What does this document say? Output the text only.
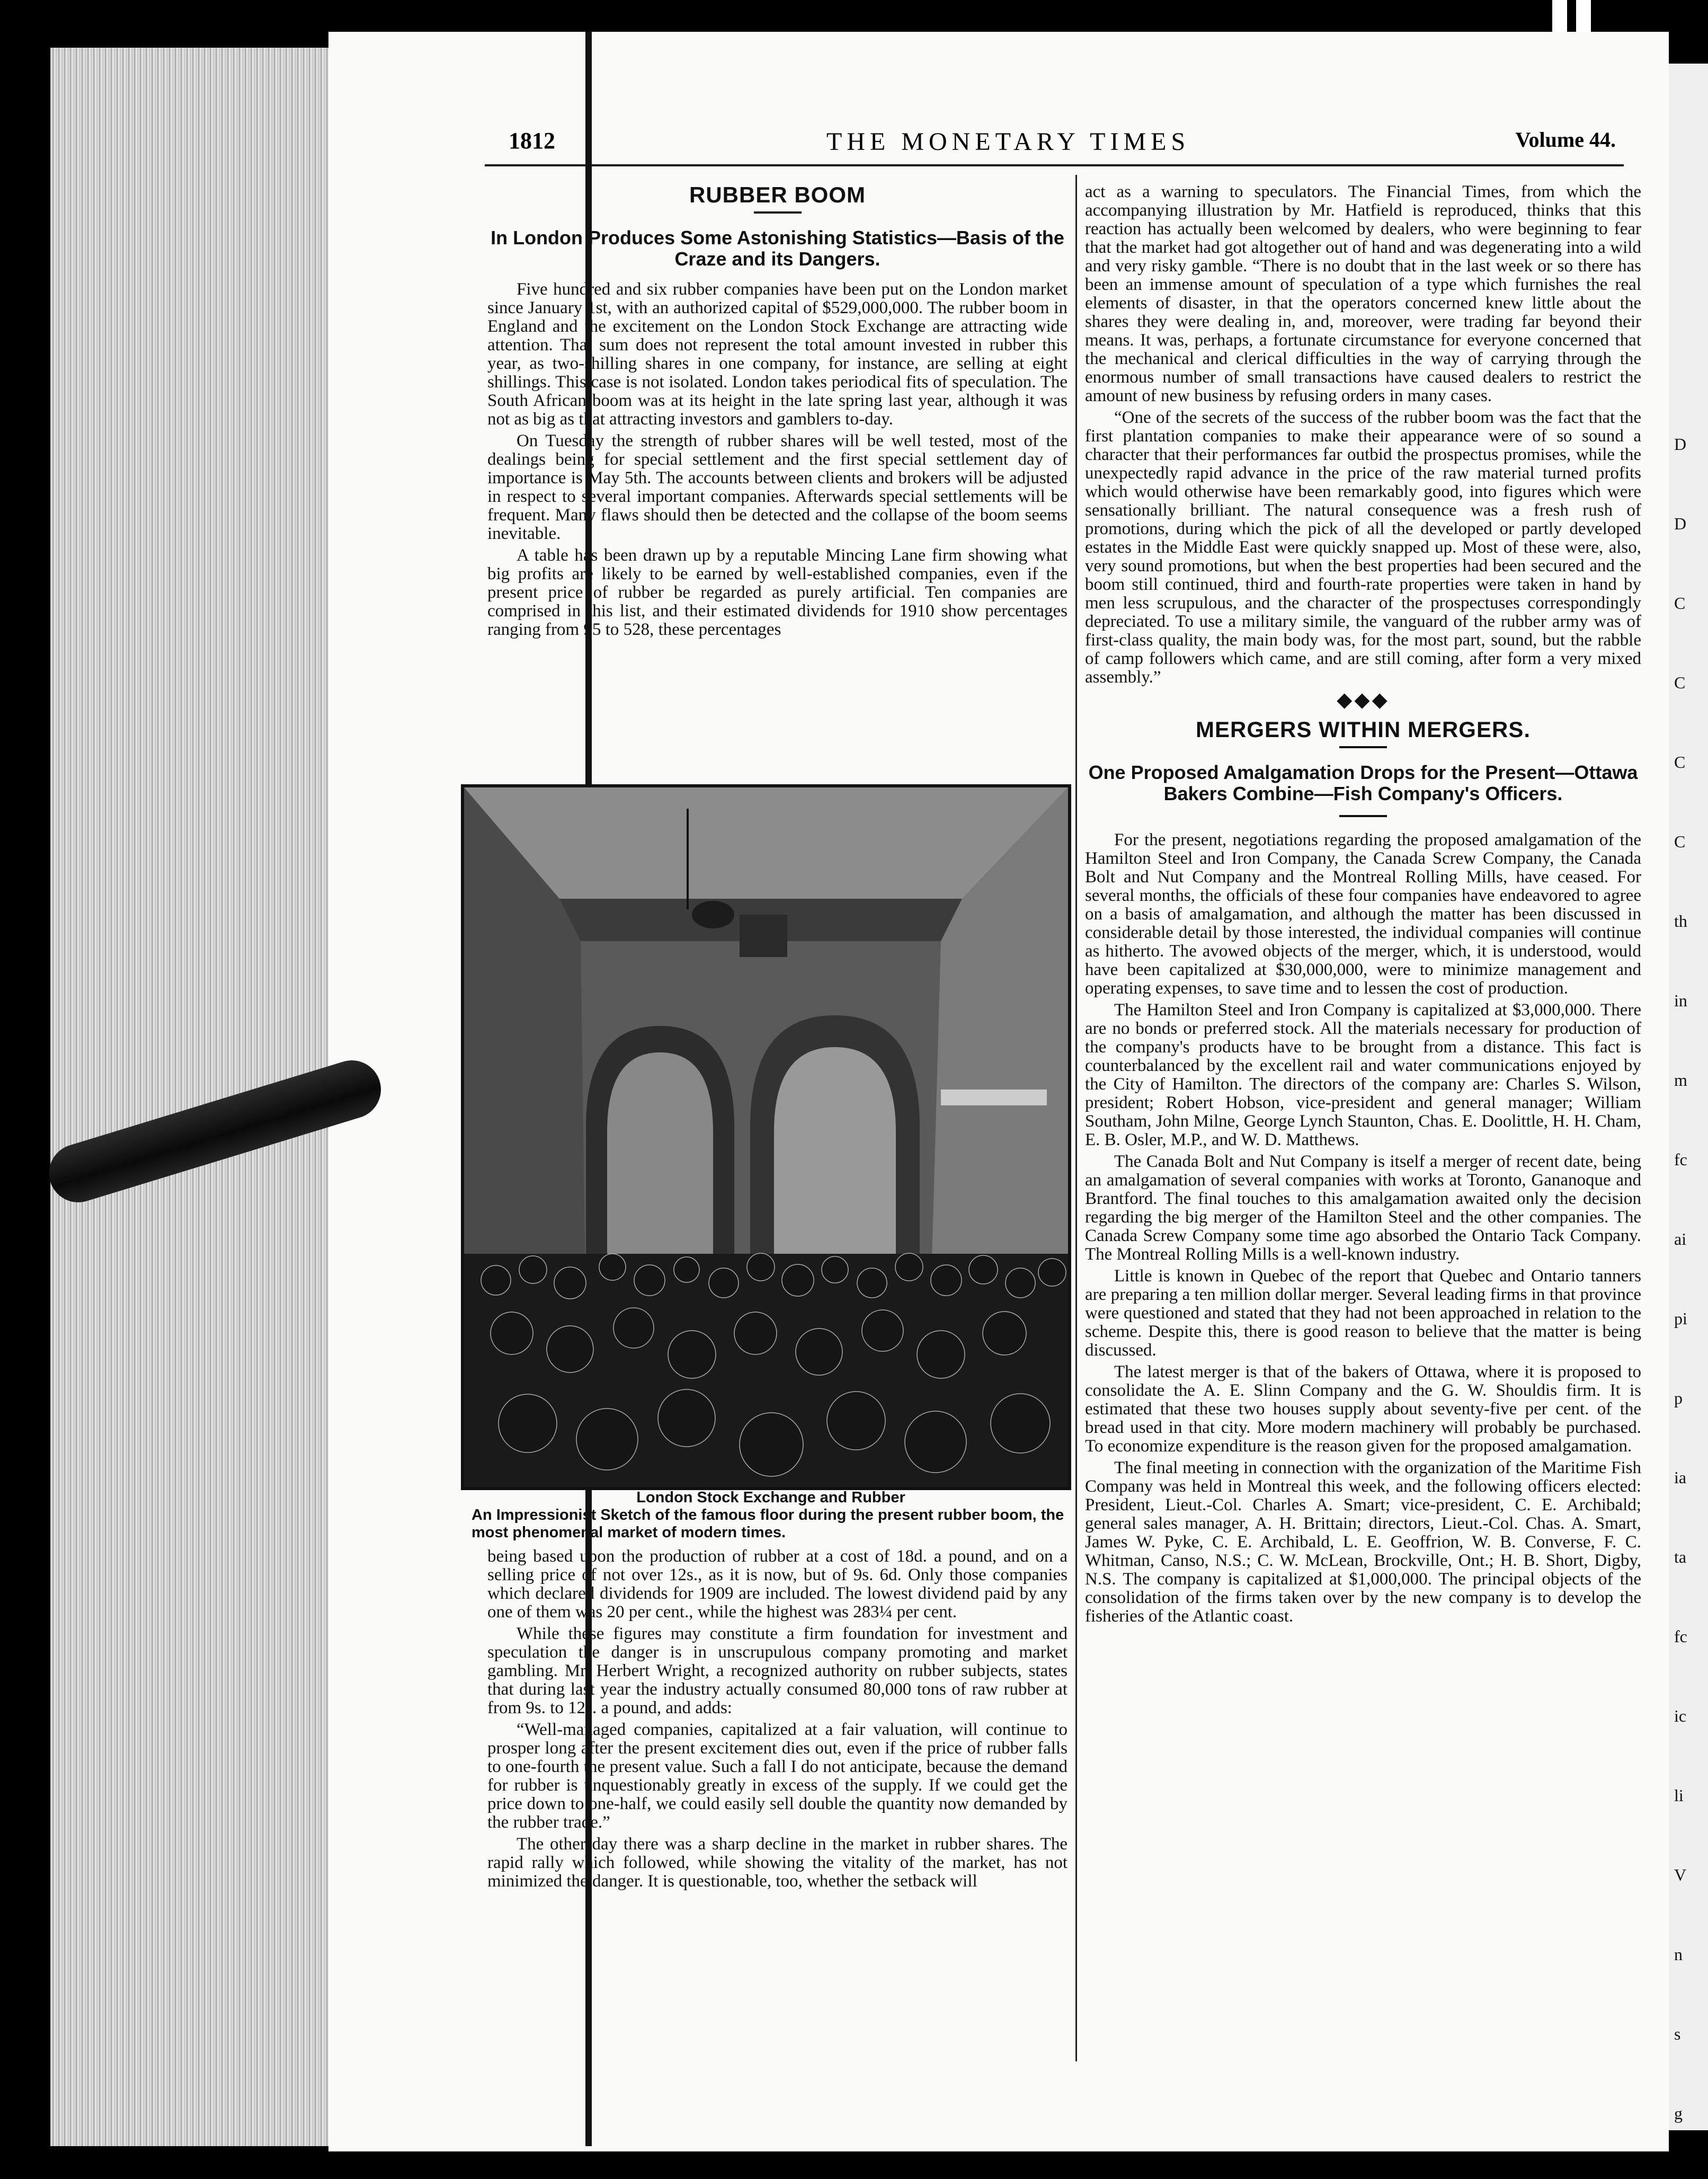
D
D
C
C
C
C
th
in
m
fc
ai
pi
p
ia
ta
fc
ic
li
V
n
s
g
1812	THE MONETARY TIMES	Volume 44.
RUBBER BOOM
In London Produces Some Astonishing Statistics—Basis of the Craze and its Dangers.

Five hundred and six rubber companies have been put on the London market since January 1st, with an authorized capital of $529,000,000. The rubber boom in England and the excitement on the London Stock Exchange are attracting wide attention. That sum does not represent the total amount invested in rubber this year, as two-shilling shares in one company, for instance, are selling at eight shillings. This case is not isolated. London takes periodical fits of speculation. The South African boom was at its height in the late spring last year, although it was not as big as that attracting investors and gamblers to-day.

On Tuesday the strength of rubber shares will be well tested, most of the dealings being for special settlement and the first special settlement day of importance is May 5th. The accounts between clients and brokers will be adjusted in respect to several important companies. Afterwards special settlements will be frequent. Many flaws should then be detected and the collapse of the boom seems inevitable.

A table has been drawn up by a reputable Mincing Lane firm showing what big profits are likely to be earned by well-established companies, even if the present price of rubber be regarded as purely artificial. Ten companies are comprised in this list, and their estimated dividends for 1910 show percentages ranging from 95 to 528, these percentages

London Stock Exchange and Rubber
An Impressionist Sketch of the famous floor during the present rubber boom, the most phenomenal market of modern times.

being based upon the production of rubber at a cost of 18d. a pound, and on a selling price of not over 12s., as it is now, but of 9s. 6d. Only those companies which declared dividends for 1909 are included. The lowest dividend paid by any one of them was 20 per cent., while the highest was 283¼ per cent.

While these figures may constitute a firm foundation for investment and speculation the danger is in unscrupulous company promoting and market gambling. Mr. Herbert Wright, a recognized authority on rubber subjects, states that during last year the industry actually consumed 80,000 tons of raw rubber at from 9s. to 12s. a pound, and adds:

“Well-managed companies, capitalized at a fair valuation, will continue to prosper long after the present excitement dies out, even if the price of rubber falls to one-fourth the present value. Such a fall I do not anticipate, because the demand for rubber is unquestionably greatly in excess of the supply. If we could get the price down to one-half, we could easily sell double the quantity now demanded by the rubber trade.”

The other day there was a sharp decline in the market in rubber shares. The rapid rally which followed, while showing the vitality of the market, has not minimized the danger. It is questionable, too, whether the setback will

act as a warning to speculators. The Financial Times, from which the accompanying illustration by Mr. Hatfield is reproduced, thinks that this reaction has actually been welcomed by dealers, who were beginning to fear that the market had got altogether out of hand and was degenerating into a wild and very risky gamble. “There is no doubt that in the last week or so there has been an immense amount of speculation of a type which furnishes the real elements of disaster, in that the operators concerned knew little about the shares they were dealing in, and, moreover, were trading far beyond their means. It was, perhaps, a fortunate circumstance for everyone concerned that the mechanical and clerical difficulties in the way of carrying through the enormous number of small transactions have caused dealers to restrict the amount of new business by refusing orders in many cases.

“One of the secrets of the success of the rubber boom was the fact that the first plantation companies to make their appearance were of so sound a character that their performances far outbid the prospectus promises, while the unexpectedly rapid advance in the price of the raw material turned profits which would otherwise have been remarkably good, into figures which were sensationally brilliant. The natural consequence was a fresh rush of promotions, during which the pick of all the developed or partly developed estates in the Middle East were quickly snapped up. Most of these were, also, very sound promotions, but when the best properties had been secured and the boom still continued, third and fourth-rate properties were taken in hand by men less scrupulous, and the character of the prospectuses correspondingly depreciated. To use a military simile, the vanguard of the rubber army was of first-class quality, the main body was, for the most part, sound, but the rabble of camp followers which came, and are still coming, after form a very mixed assembly.”

◆◆◆
MERGERS WITHIN MERGERS.
One Proposed Amalgamation Drops for the Present—Ottawa Bakers Combine—Fish Company's Officers.

For the present, negotiations regarding the proposed amalgamation of the Hamilton Steel and Iron Company, the Canada Screw Company, the Canada Bolt and Nut Company and the Montreal Rolling Mills, have ceased. For several months, the officials of these four companies have endeavored to agree on a basis of amalgamation, and although the matter has been discussed in considerable detail by those interested, the individual companies will continue as hitherto. The avowed objects of the merger, which, it is understood, would have been capitalized at $30,000,000, were to minimize management and operating expenses, to save time and to lessen the cost of production.

The Hamilton Steel and Iron Company is capitalized at $3,000,000. There are no bonds or preferred stock. All the materials necessary for production of the company's products have to be brought from a distance. This fact is counterbalanced by the excellent rail and water communications enjoyed by the City of Hamilton. The directors of the company are: Charles S. Wilson, president; Robert Hobson, vice-president and general manager; William Southam, John Milne, George Lynch Staunton, Chas. E. Doolittle, H. H. Cham, E. B. Osler, M.P., and W. D. Matthews.

The Canada Bolt and Nut Company is itself a merger of recent date, being an amalgamation of several companies with works at Toronto, Gananoque and Brantford. The final touches to this amalgamation awaited only the decision regarding the big merger of the Hamilton Steel and the other companies. The Canada Screw Company some time ago absorbed the Ontario Tack Company. The Montreal Rolling Mills is a well-known industry.

Little is known in Quebec of the report that Quebec and Ontario tanners are preparing a ten million dollar merger. Several leading firms in that province were questioned and stated that they had not been approached in relation to the scheme. Despite this, there is good reason to believe that the matter is being discussed.

The latest merger is that of the bakers of Ottawa, where it is proposed to consolidate the A. E. Slinn Company and the G. W. Shouldis firm. It is estimated that these two houses supply about seventy-five per cent. of the bread used in that city. More modern machinery will probably be purchased. To economize expenditure is the reason given for the proposed amalgamation.

The final meeting in connection with the organization of the Maritime Fish Company was held in Montreal this week, and the following officers elected: President, Lieut.-Col. Charles A. Smart; vice-president, C. E. Archibald; general sales manager, A. H. Brittain; directors, Lieut.-Col. Chas. A. Smart, James W. Pyke, C. E. Archibald, L. E. Geoffrion, W. B. Converse, F. C. Whitman, Canso, N.S.; C. W. McLean, Brockville, Ont.; H. B. Short, Digby, N.S. The company is capitalized at $1,000,000. The principal objects of the consolidation of the firms taken over by the new company is to develop the fisheries of the Atlantic coast.
